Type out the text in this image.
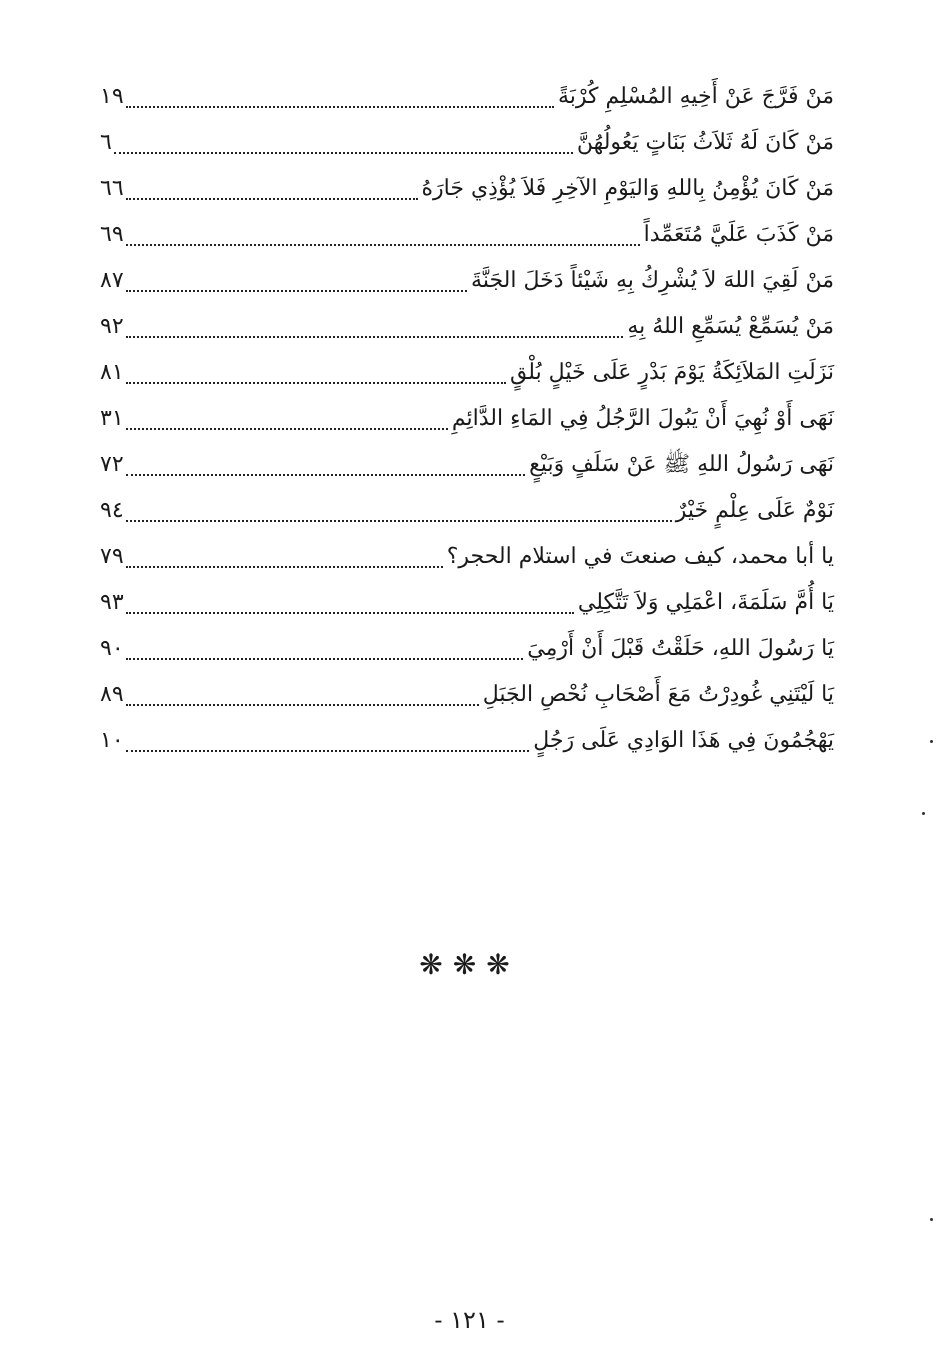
مَنْ فَرَّجَ عَنْ أَخِيهِ المُسْلِمِ كُرْبَةً
١٩
مَنْ كَانَ لَهُ ثَلاَثُ بَنَاتٍ يَعُولُهُنَّ
٦
مَنْ كَانَ يُؤْمِنُ بِاللهِ وَاليَوْمِ الآخِرِ فَلاَ يُؤْذِي جَارَهُ
٦٦
مَنْ كَذَبَ عَلَيَّ مُتَعَمِّداً
٦٩
مَنْ لَقِيَ اللهَ لاَ يُشْرِكُ بِهِ شَيْئاً دَخَلَ الجَنَّةَ
٨٧
مَنْ يُسَمِّعْ يُسَمِّعِ اللهُ بِهِ
٩٢
نَزَلَتِ المَلاَئِكَةُ يَوْمَ بَدْرٍ عَلَى خَيْلٍ بُلْقٍ
٨١
نَهَى أَوْ نُهِيَ أَنْ يَبُولَ الرَّجُلُ فِي المَاءِ الدَّائِمِ
٣١
نَهَى رَسُولُ اللهِ ﷺ عَنْ سَلَفٍ وَبَيْعٍ
٧٢
نَوْمٌ عَلَى عِلْمٍ خَيْرٌ
٩٤
يا أبا محمد، كيف صنعتَ في استلام الحجر؟
٧٩
يَا أُمَّ سَلَمَةَ، اعْمَلِي وَلاَ تَتَّكِلِي
٩٣
يَا رَسُولَ اللهِ، حَلَقْتُ قَبْلَ أَنْ أَرْمِيَ
٩٠
يَا لَيْتَنِي غُودِرْتُ مَعَ أَصْحَابِ نُحْصِ الجَبَلِ
٨٩
يَهْجُمُونَ فِي هَذَا الوَادِي عَلَى رَجُلٍ
١٠
❋❋❋
- ١٢١ -
